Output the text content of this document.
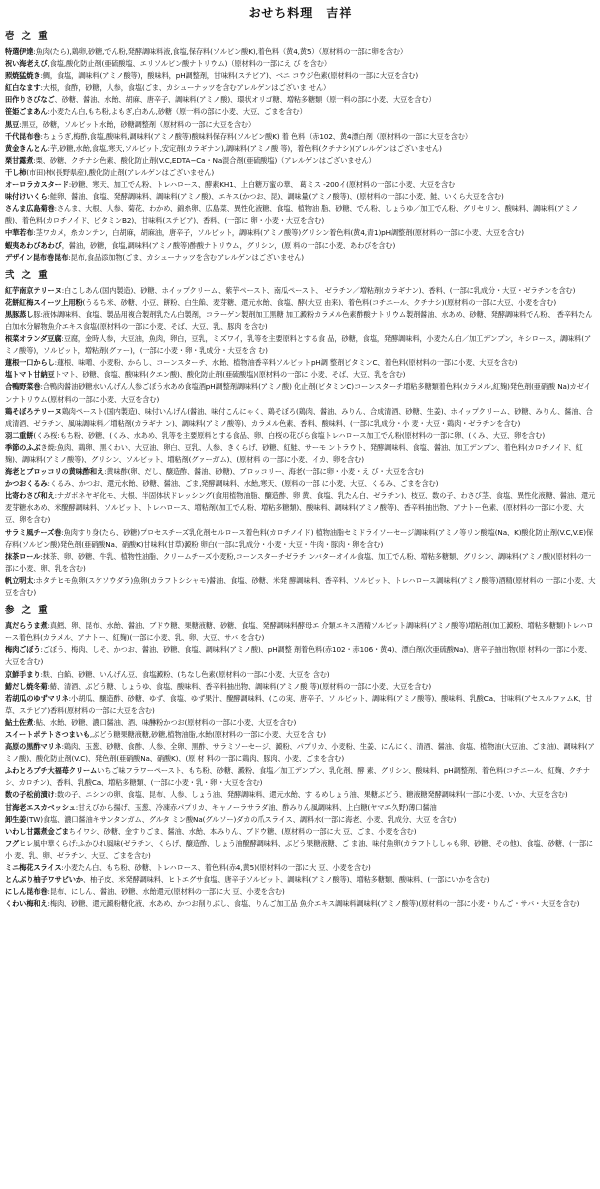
おせち料理　吉祥
壱 之 重
特選伊達:魚肉(たら),鶏卵,砂糖,でん粉,発酵調味料液,食塩,保存料(ソルビン酸K),着色料（黄4,黄5）（原材料の一部に卵を含む）
祝い海老えび,食塩,酸化防止剤(亜硫酸塩、エリソルビン酸ナトリウム)（原材料の一部にえ び を含む）
照焼猛焼き:鯛，食塩，調味料(アミノ酸等)，酸味料，pH調整剤，甘味料(ステビア)、ベニ コウジ色素(原材料の一部に大豆を含む)
紅白なます:大根，食酢，砂糖，人参，食塩(ごま、カシューナッツを含むアレルゲンはございま せん）
田作りさびなご、砂糖、醤油、水飴、胡麻、唐辛子、調味料(アミノ酸)、環状オリゴ糖、増粘多糖類（原一料の部に小麦、大豆を含む）
笹姫ごまあん:小麦たん白,もち粉,よもぎ,白あん,砂糖（原一料の部に小麦、大豆、ごまを含む）
黒豆:黒豆，砂糖，ソルビット水飴，砂糖調整剤（原材料の一部に大豆を含む）
千代昆布巻:ちょうぎ,梅酢,食塩,酸味料,調味料(アミノ酸等)酸味料保存料(ソルビン酸K) 着 色料（赤102、黄4漂白剤（原材料の一部に大豆を含む）
黄金きんとん:芋,砂糖,水飴,食塩,寒天,ソルビット,安定剤(カラギナン),調味料(アミノ酸 等)，着色料(クチナシ)(アレルゲンはございません)
栗甘露煮:栗、砂糖、クチナシ色素、酸化防止剤(V.C,EDTA−Ca・Na混合剤(亜硫酸塩)（アレルゲンはございません）
干し柿(市田)柿(長野県産),酸化防止剤(アレルゲンはございません)
オーロラカスタード:砂糖、寒天、加工でん粉、トレハロース、酵素KH1、上白糖万蜜の華、 葛ミス -200イ(原材料の一部に小麦、大豆を含む
味付けいくら:鮭卵、醤油、食塩、発酵調味料、調味料(アミノ酸)、エキス(かつお、昆)、調味量(アミノ酸等)、(原材料の一部に小麦、鮭、いくら大豆を含む)
さんま広島菊巻:さんま、大根、人参、菊花、わかめ、錦糸卵、広島菜、異性化液糖、食塩、植物油 脂、砂糖、でん粉、しょうゆ／加工でん粉、グリセリン、酸味料、調味料(アミノ 酸)、着色料(カロチノイド、ビタミンB2)、甘味料(ステビア)、香料、(一部に 卵・小麦・大豆を含む)
中華若布:茎ワカメ，糸カンテン，白胡麻，胡麻油，唐辛子，ソルビット，調味料(アミノ酸等)グリシン着色料(黄4,青1)pH調整剤(原材料の一部に小麦、大豆を含む)
蝦夷あわびあわび，醤油，砂糖，食塩,調味料(アミノ酸等)酢酸ナトリウム，グリシン，(原 料の一部に小麦、あわびを含む)
デザイン昆布巻昆布:昆布,食品添加物(ごま、カシューナッツを含むアレルゲンはございません)
弐 之 重
紅芋南京テリーヌ:白こしあん(国内製造)、砂糖、ホイップクリーム、紫芋ペースト、南瓜ペースト、 ゼラチン／増粘剤(カラギナン)、香料、(一部に乳成分・大豆・ゼラチンを含む)
花餅紅梅スイーツ上用粉(うるち米、砂糖、小豆、餅粉、白生餡、麦芽糖、還元水飴、食塩、酵(大豆 由来)、着色料(コチニール、クチナシ)(原材料の一部に大豆、小麦を含む)
黒豚蒸し豚:液体調味料、食塩、製品用複合製剤乳たん白製剤，コラーゲン製剤加工黒糖 加工澱粉カラメル色素酢酸ナトリウム製剤醤油、水あめ、砂糖、発酵調味料でん粉、 香辛料たん白加水分解物魚介エキス食塩(原材料の一部に小麦、そば、大豆、乳、豚肉 を含む)
根菜オランダ豆腐:豆腐，金時人参，大豆油，魚肉，卵白，豆乳，ミズワイ，乳等を主要原料とする食 品，砂糖，食塩，発酵調味料，小麦たん白／加工デンプン，キシロース，調味料(ア ミノ酸等)，ソルビット，増粘剤(グァー)，(一部に小麦・卵・乳成分・大豆を含 む)
蓮根一口からし:蓮根、味噌、小麦粉、からし、コーンスターチ、水飴、植物油香辛料ソルビットpH調 整剤ビタミンC、着色料(原材料の一部に小麦、大豆を含む)
塩トマト甘納豆トマト、砂糖、食塩、酸味料(クエン酸)、酸化防止剤(亜硫酸塩)(原材料の一部に 小麦、そば、大豆、乳を含む)
合鴨野菜巻:合鴨肉醤油砂糖水いんげん人参ごぼう水あめ食塩酒pH調整剤調味料(アミノ酸) 化止剤(ビタミンC)コーンスターチ増粘多糖類着色料(カラメル,紅麹)発色剤(亜硝酸 Na)カゼインナトリウム(原材料の一部に小麦、大豆を含む)
鶏そぼろテリーヌ鶏肉ペースト(国内製造)、味付いんげん(醤油、味付こんにゃく、鶏そぼろ(鶏肉、醤油、みりん、合成清酒、砂糖、生姜)、ホイップクリーム、砂糖、みりん、醤油、合成清酒、ゼラチン、風味調味料／増粘剤(カラギナ ン)、調味料(アミノ酸等)、カラメル色素、香料、酸味料、(一部に乳成分・小 麦・大豆・鶏肉・ゼラチンを含む)
羽二重餅(くみ桜:もち粉、砂糖、(くみ、水あめ、乳等を主要原料とする食品、卵、白桜の花びら食塩トレハロース加工でん粉(原材料の一部に卵、(くみ、大豆、卵を含む)
季節のふぶき焼:魚肉、鶏卵、黒くわい、大豆油、卵白、豆乳、人参、きくらげ、砂糖、紅鮭、サーモ ントラウト、発酵調味料、食塩、醤油、加工デンプン、着色料(カロチノイド、紅 麹)、調味料(アミノ酸等)、グリシン、ソルビット、増粘剤(グァーガム)、(原材料 の一部に小麦、イカ、卵を含む)
海老とブロッコリの黄味酢和え:黄味酢(卵、だし、醸造酢、醤油、砂糖)、ブロッコリー、海老(一部に卵・小麦・え び・大豆を含む)
かつおくるみ:くるみ、かつお、還元水飴、砂糖、醤油、ごま,発酵調味料、水飴,寒天、(原料の一部 に小麦、大豆、くるみ、ごまを含む)
比寄わさび和え:ナガボネヤギ化モ、大根、半固体状ドレッシング(食用植物油脂、醸造酢、卵 黄、食塩、乳たん白、ゼラチン)、枝豆、数の子、わさび茎、食塩、異性化液糖、醤油、還元麦芽糖水あめ、米醗酵調味料、ソルビット、トレハロース、増粘剤(加工でん粉、増粘多糖類)、酸味料、調味料(アミノ酸等)、香辛料抽出物、アナトー色素、(原材料の一部に小麦、大豆、卵を含む)
サラミ風チーズ巻:魚肉すり身(たら、砂糖)プロセスチーズ乳化剤セルロース着色料(カロチノイド) 植物油脂セミドライソーセージ調味料(アミノ等リン酸塩(Na、K)酸化防止剤(V.C,V.E)保存料(ソルビン酸)発色剤(亜硝酸Na、硝酸K)甘味料(甘草)澱粉 卵白(一部に乳成分・小麦・大豆・牛肉・豚肉・卵を含む)
抹茶ロール:抹茶、卵、砂糖、牛乳、植物性油脂、クリームチーズ小麦粉,コーンスターチゼラチ ンバターオイル食塩、加工でん粉、増粘多糖類、グリシン、調味料(アミノ酸)(原材料の一部に小麦、卵、乳を含む)
帆立明太:ホタテヒモ魚卵(スケソウダラ)魚卵(カラフトシシャモ)醤油、食塩、砂糖、米発 酵調味料、香辛料、ソルビット、トレハロース調味料(アミノ酸等)酒精(原材料の 一部に小麦、大豆を含む)
参 之 重
真だらうま煮:真鱈、卵、昆布、水飴、醤油、ブドウ糖、果糖液糖、砂糖、食塩、発酵調味料酵母エ 介類エキス酒精ソルビット調味料(アミノ酸等)増粘剤(加工澱粉、増粘多糖類)トレハロース着色料(カラメル、アナトー、紅麹)(一部に小麦、乳、卵、大豆、サバ を含む)
梅肉ごぼう:ごぼう、梅肉、しそ、かつお、醤油、砂糖、食塩、調味料(アミノ酸)、pH調整 剤着色料(赤102・赤106・黄4)、漂白剤(次亜硫酸Na)、唐辛子抽出物(原 材料の一部に小麦、大豆を含む)
京鮮手まり:麩、白餡、砂糖、いんげん豆、食塩澱粉、(ちなし色素(原材料の一部に小麦、大豆を 含む)
鰆だし焼冬菊:鰆、清酒、ぶどう糖、しょうゆ、食塩、酸味料、香辛料抽出物、調味料(アミノ酸 等)(原材料の一部に小麦、大豆を含む)
若胡瓜のゆずマリネ:小胡瓜、醸造酢、砂糖、ゆず、食塩、ゆず果汁、醗酵調味料、(この実、唐辛子、ソ ルビット、調味料(アミノ酸等)、酸味料、乳酸Ca、甘味料(アセスルファムK、甘 草、ステビア)香料(原材料の一部に大豆を含む)
鮎土佐煮:鮎、水飴、砂糖、濃口醤油、酒、味醂粉かつお(原材料の一部に小麦、大豆を含む)
スイートポテトさつまいも,ぶどう糖果糖液糖,砂糖,植物油脂,水飴(原材料の一部に小麦、大豆を含 む)
高原の黒酢マリネ:鶏肉、玉葱、砂糖、食酢、人参、全卵、黒酢、サラミソーセージ、澱粉、パプリカ、小麦粉、生姜、にんにく、清酒、醤油、食塩、植物油(大豆油、ごま油)、調味料(アミノ酸)、酸化防止剤(V.C)、発色剤(亜硝酸Na、硝酸K)、(原 材 料の一部に鶏肉、豚肉、小麦、ごまを含む)
ふわとろプチ大福苺クリームいちご味フラワーペースト、もち粉、砂糖、澱粉、食塩／加工デンプン、乳化剤、酵 素、グリシン、酸味料、pH調整剤、着色料(コチニール、紅麹、クチナシ、カロチン)、香料、乳酸Ca、増粘多糖類、(一部に小麦・乳・卵・大豆を含む)
数の子松前漬け:数の子、ニシンの卵、食塩、昆布、人参、しょう油、発酵調味料、還元水飴、す るめしょう油、果糖ぶどう、糖液糖発酵調味料(一部に小麦、いか、大豆を含む)
甘海老エスカベッシュ:甘えびから揚げ、玉葱、冷凍赤パプリカ、キャノーラサラダ油、酢みりん風調味料、上白糖(ヤマエ久野)薄口醤油
卸生姜(TW)食塩、濃口醤油キサンタンガム、グルタ ミン酸Na(グルソー)ダカの爪スライス、調料水(一部に海老、小麦、乳成分、大豆 を含む)
いわし甘露煮金ごまちイワシ、砂糖、金すりごま、醤油、水飴、本みりん、ブドウ糖、(原材料の一部に大 豆、ごま、小麦を含む)
フグヒレ風中華くらげ:ふかひれ風味(ゼラチン、くらげ、醸造酢、しょう油醗酵調味料、ぶどう果糖液糖、ご ま油、味付魚卵(カラフトししゃも卵、砂糖、その他)、食塩、砂糖、(一部に小 麦、乳、卵、ゼラチン、大豆、ごまを含む)
ミニ梅花スライス:小麦たん白、もち粉、砂糖、トレハロース、着色料(赤4,黄5)(原材料の一部に大 豆、小麦を含む)
とんぶり柚子ワサビいか、柚子皮、米発酵調味料、ヒトエグサ食塩、唐辛子ソルビット、調味料(アミノ酸等)、増粘多糖類、酸味料、(一部にいかを含む)
にしん昆布巻:昆布、にしん、醤油、砂糖、水飴還元(原材料の一部に大 豆、小麦を含む)
くわい梅和え:梅肉、砂糖、還元澱粉糖化液、水あめ、かつお削りぶし、食塩、りんご加工品 魚介エキス調味料調味料(アミノ酸等)(原材料の一部に小麦・りんご・サバ・大豆を含む)
